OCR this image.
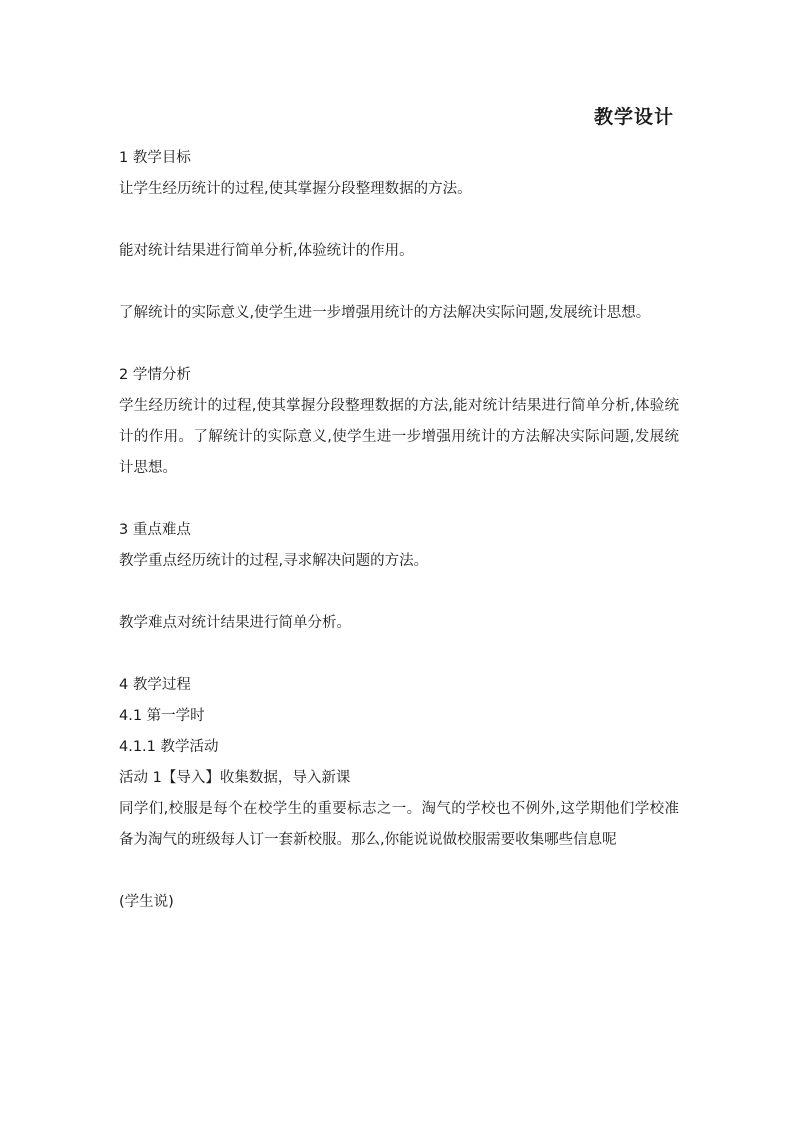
教学设计
1 教学目标
让学生经历统计的过程,使其掌握分段整理数据的方法。
能对统计结果进行简单分析,体验统计的作用。
了解统计的实际意义,使学生进一步增强用统计的方法解决实际问题,发展统计思想。
2 学情分析
学生经历统计的过程,使其掌握分段整理数据的方法,能对统计结果进行简单分析,体验统计的作用。了解统计的实际意义,使学生进一步增强用统计的方法解决实际问题,发展统计思想。
3 重点难点
教学重点经历统计的过程,寻求解决问题的方法。
教学难点对统计结果进行简单分析。
4 教学过程
4.1 第一学时
4.1.1 教学活动
活动 1【导入】收集数据，导入新课
同学们,校服是每个在校学生的重要标志之一。淘气的学校也不例外,这学期他们学校准备为淘气的班级每人订一套新校服。那么,你能说说做校服需要收集哪些信息呢
(学生说)
